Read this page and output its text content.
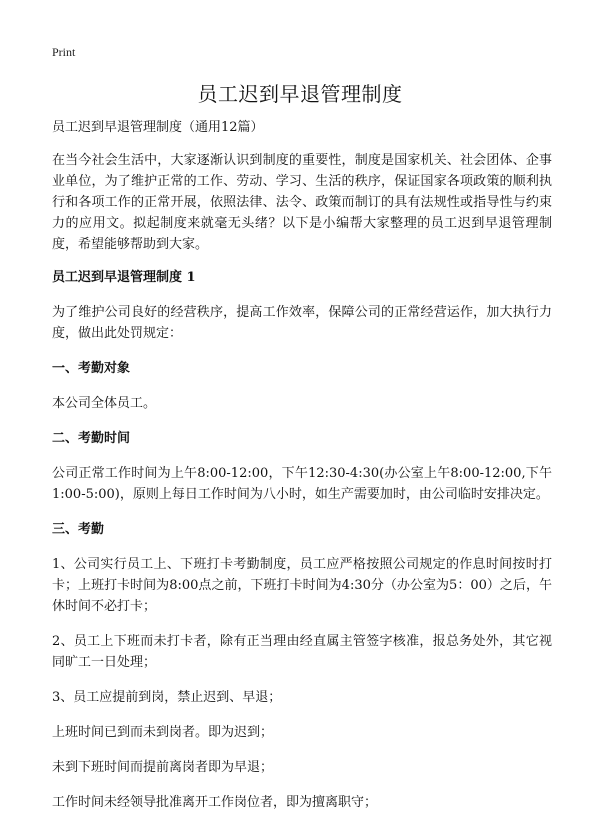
Print
员工迟到早退管理制度

员工迟到早退管理制度（通用12篇）

在当今社会生活中，大家逐渐认识到制度的重要性，制度是国家机关、社会团体、企事业单位，为了维护正常的工作、劳动、学习、生活的秩序，保证国家各项政策的顺利执行和各项工作的正常开展，依照法律、法令、政策而制订的具有法规性或指导性与约束力的应用文。拟起制度来就毫无头绪？以下是小编帮大家整理的员工迟到早退管理制度，希望能够帮助到大家。

员工迟到早退管理制度 1

为了维护公司良好的经营秩序，提高工作效率，保障公司的正常经营运作，加大执行力度，做出此处罚规定：

一、考勤对象

本公司全体员工。

二、考勤时间

公司正常工作时间为上午8:00-12:00，下午12:30-4:30(办公室上午8:00-12:00,下午1:00-5:00)，原则上每日工作时间为八小时，如生产需要加时，由公司临时安排决定。

三、考勤

1、公司实行员工上、下班打卡考勤制度，员工应严格按照公司规定的作息时间按时打卡；上班打卡时间为8:00点之前，下班打卡时间为4:30分（办公室为5：00）之后，午休时间不必打卡；

2、员工上下班而未打卡者，除有正当理由经直属主管签字核准，报总务处外，其它视同旷工一日处理；

3、员工应提前到岗，禁止迟到、早退；

上班时间已到而未到岗者。即为迟到；

未到下班时间而提前离岗者即为早退；

工作时间未经领导批准离开工作岗位者，即为擅离职守；
